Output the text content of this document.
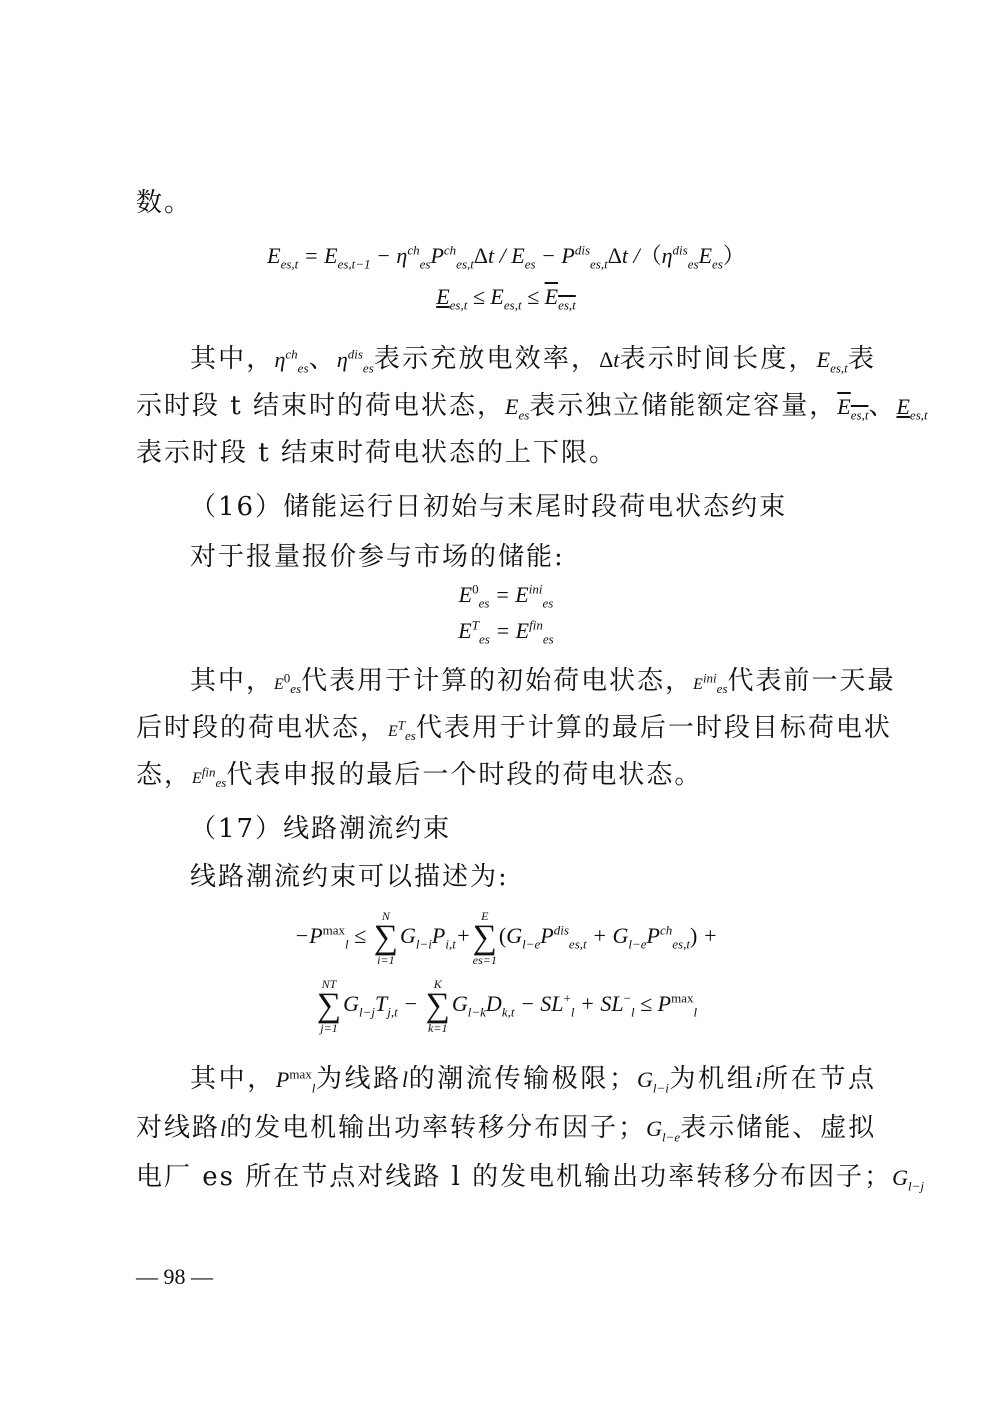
数。
$E_{es,t} = E_{es,t-1} - \eta^{ch}_{es}P^{ch}_{es,t}\Delta t / E_{es} - P^{dis}_{es,t}\Delta t$ $/(\eta^{dis}_{es}E_{es})$
$E_{es,t} \le E_{es,t} \le E_{es,t}$
其中，$\eta^{ch}_{es}$、$\eta^{dis}_{es}$表示充放电效率，Δt表示时间长度，$E_{es,t}$表
示时段 t 结束时的荷电状态，$E_{es}$表示独立储能额定容量，$E_{es,t}$、$E_{es,t}$
表示时段 t 结束时荷电状态的上下限。
（16）储能运行日初始与末尾时段荷电状态约束
对于报量报价参与市场的储能:
$E^0_{es} = E^{ini}_{es}$
$E^T_{es} = E^{fin}_{es}$
其中，$E^0_{es}$代表用于计算的初始荷电状态，$E^{ini}_{es}$代表前一天最
后时段的荷电状态，$E^T_{es}$代表用于计算的最后一时段目标荷电状
态，$E^{fin}_{es}$代表申报的最后一个时段的荷电状态。
（17）线路潮流约束
线路潮流约束可以描述为:
$-P^{max}_l$ ≤
N
∑
i=1
$G_{l-i}P_{i,t}+$
E
∑
es=1
$(G_{l-e}P^{dis}_{es,t} + G_{l-e}P^{ch}_{es,t})$ +
NT
∑
j=1
$G_{l-j}T_{j,t}$ −
K
∑
k=1
$G_{l-k}D_{k,t} - SL^+_l + SL^-_l \le P^{max}_l$
其中，$P^{max}_l$为线路l的潮流传输极限；$G_{l-i}$为机组i所在节点
对线路l的发电机输出功率转移分布因子；$G_{l-e}$表示储能、虚拟
电厂 es 所在节点对线路 l 的发电机输出功率转移分布因子；$G_{l-j}$
— 98 —
